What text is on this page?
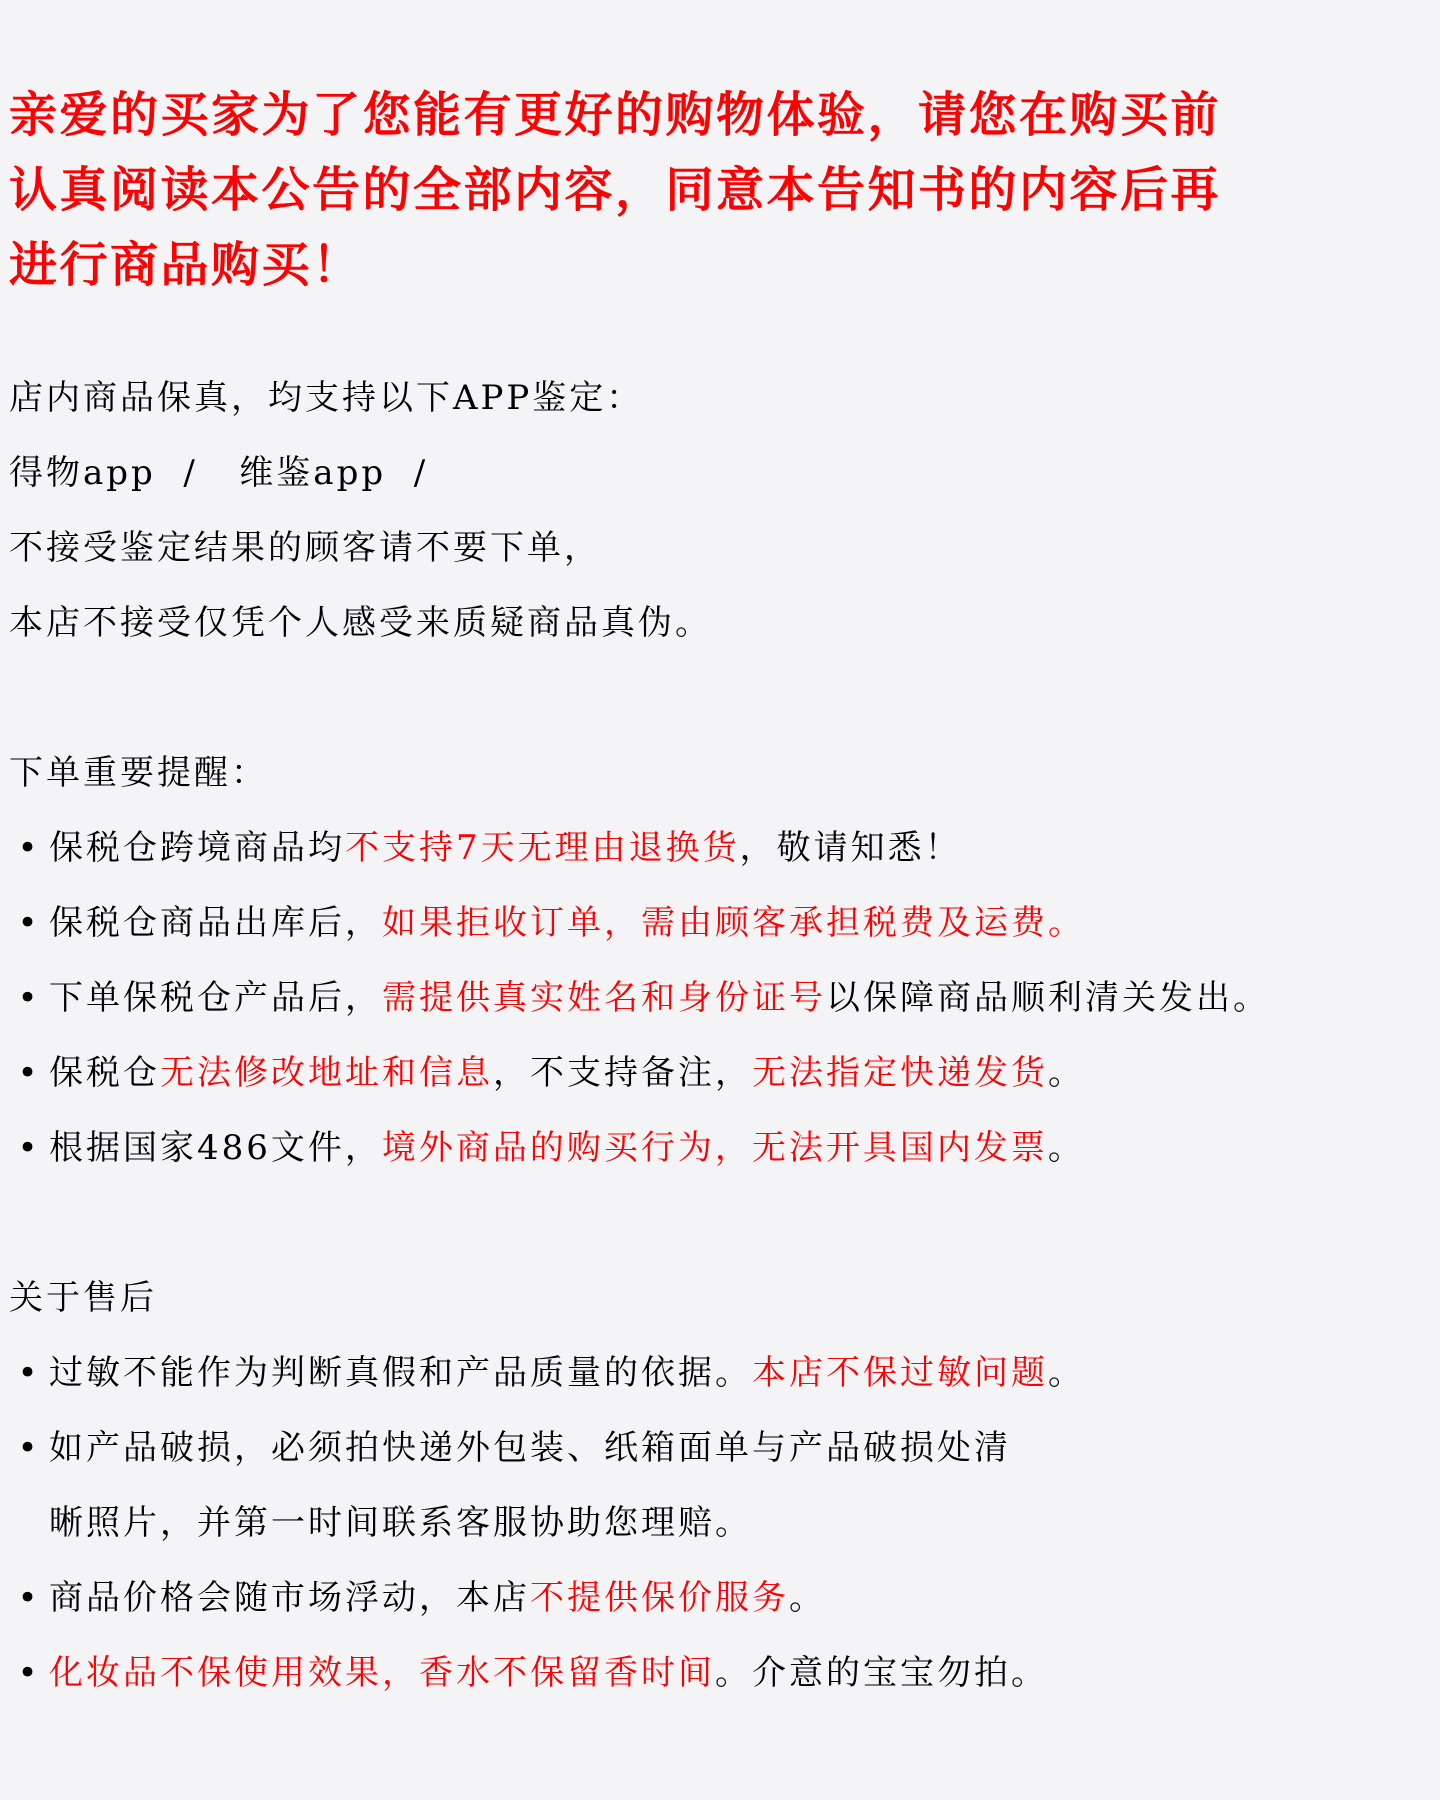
亲爱的买家为了您能有更好的购物体验，请您在购买前
认真阅读本公告的全部内容，同意本告知书的内容后再
进行商品购买！
店内商品保真，均支持以下APP鉴定：
得物app  /   维鉴app  /
不接受鉴定结果的顾客请不要下单，
本店不接受仅凭个人感受来质疑商品真伪。
下单重要提醒：
• 保税仓跨境商品均不支持7天无理由退换货，敬请知悉！
• 保税仓商品出库后，如果拒收订单，需由顾客承担税费及运费。
• 下单保税仓产品后，需提供真实姓名和身份证号以保障商品顺利清关发出。
• 保税仓无法修改地址和信息，不支持备注，无法指定快递发货。
• 根据国家486文件，境外商品的购买行为，无法开具国内发票。
关于售后
• 过敏不能作为判断真假和产品质量的依据。本店不保过敏问题。
• 如产品破损，必须拍快递外包装、纸箱面单与产品破损处清
晰照片，并第一时间联系客服协助您理赔。
• 商品价格会随市场浮动，本店不提供保价服务。
• 化妆品不保使用效果，香水不保留香时间。介意的宝宝勿拍。
